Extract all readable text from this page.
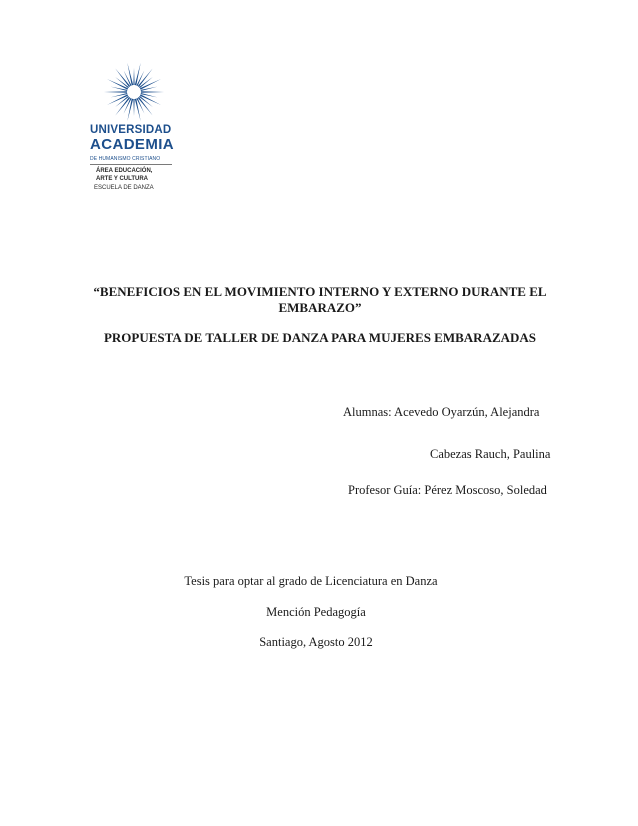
UNIVERSIDAD
ACADEMIA
DE HUMANISMO CRISTIANO
ÁREA EDUCACIÓN,
ARTE Y CULTURA
ESCUELA DE DANZA
“BENEFICIOS EN EL MOVIMIENTO INTERNO Y EXTERNO DURANTE EL EMBARAZO”
PROPUESTA DE TALLER DE DANZA PARA MUJERES EMBARAZADAS
Alumnas: Acevedo Oyarzún, Alejandra
Cabezas Rauch, Paulina
Profesor Guía: Pérez Moscoso, Soledad
Tesis para optar al grado de Licenciatura en Danza
Mención Pedagogía
Santiago, Agosto 2012
